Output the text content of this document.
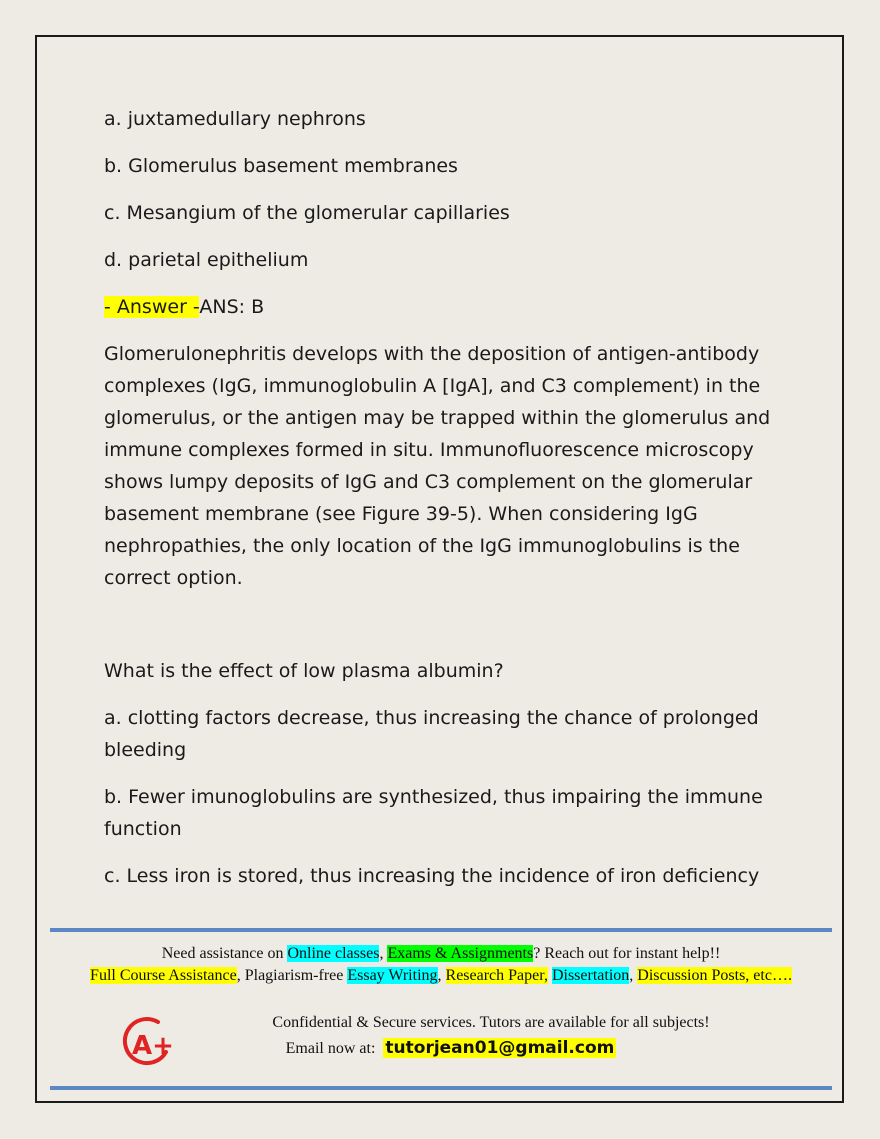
a. juxtamedullary nephrons

b. Glomerulus basement membranes

c. Mesangium of the glomerular capillaries

d. parietal epithelium

- Answer -ANS: B

Glomerulonephritis develops with the deposition of antigen-antibody complexes (IgG, immunoglobulin A [IgA], and C3 complement) in the glomerulus, or the antigen may be trapped within the glomerulus and immune complexes formed in situ. Immunofluorescence microscopy shows lumpy deposits of IgG and C3 complement on the glomerular basement membrane (see Figure 39-5). When considering IgG nephropathies, the only location of the IgG immunoglobulins is the correct option.

What is the effect of low plasma albumin?

a. clotting factors decrease, thus increasing the chance of prolonged bleeding

b. Fewer imunoglobulins are synthesized, thus impairing the immune function

c. Less iron is stored, thus increasing the incidence of iron deficiency

Need assistance on Online classes, Exams & Assignments? Reach out for instant help!!
Full Course Assistance, Plagiarism-free Essay Writing, Research Paper, Dissertation, Discussion Posts, etc….
A+
Confidential & Secure services. Tutors are available for all subjects!
Email now at: tutorjean01@gmail.com
